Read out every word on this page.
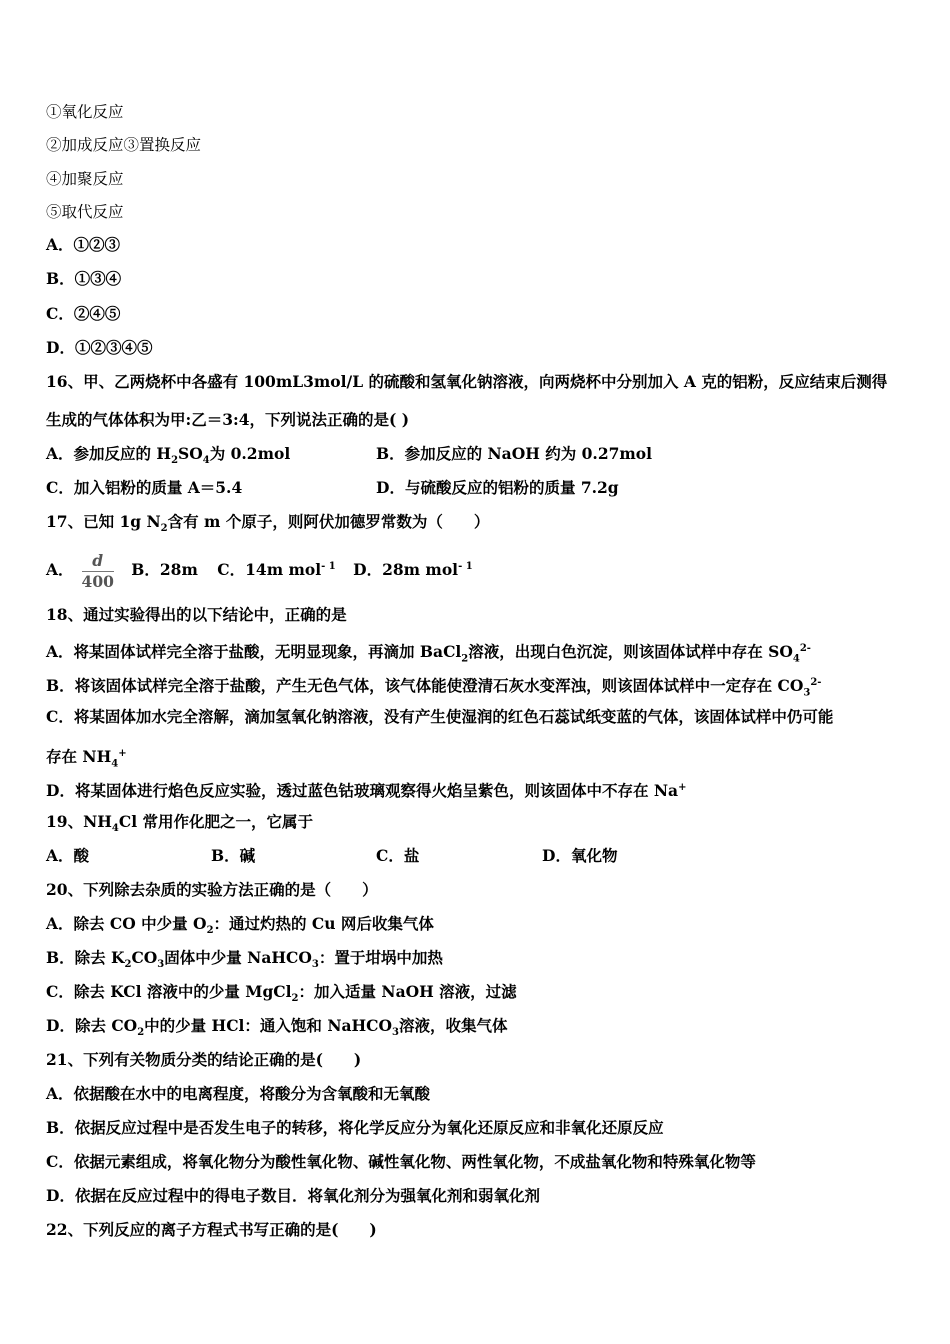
①氧化反应
②加成反应③置换反应
④加聚反应
⑤取代反应
A．①②③
B．①③④
C．②④⑤
D．①②③④⑤
16、甲、乙两烧杯中各盛有 100mL3mol/L 的硫酸和氢氧化钠溶液，向两烧杯中分别加入 A 克的铝粉，反应结束后测得
生成的气体体积为甲:乙＝3:4，下列说法正确的是( )
A．参加反应的 $H_2SO_4$为 0.2mol	B．参加反应的 NaOH 约为 0.27mol
C．加入铝粉的质量 A＝5.4	D．与硫酸反应的铝粉的质量 7.2g
17、已知 1g $N_2$含有 m 个原子，则阿伏加德罗常数为（　　）
A． $\frac{d}{400}$ B．28m C．14m mol$^{- 1}$ D．28m mol$^{- 1}$
18、通过实验得出的以下结论中，正确的是
A．将某固体试样完全溶于盐酸，无明显现象，再滴加 BaCl$_2$溶液，出现白色沉淀，则该固体试样中存在 $SO_4^{2-}$
B．将该固体试样完全溶于盐酸，产生无色气体，该气体能使澄清石灰水变浑浊，则该固体试样中一定存在 $CO_3^{2-}$
C．将某固体加水完全溶解，滴加氢氧化钠溶液，没有产生使湿润的红色石蕊试纸变蓝的气体，该固体试样中仍可能
存在 $NH_4^+$
D．将某固体进行焰色反应实验，透过蓝色钴玻璃观察得火焰呈紫色，则该固体中不存在 Na+
19、$NH_4Cl$ 常用作化肥之一，它属于
A．酸	B．碱	C．盐	D．氧化物
20、下列除去杂质的实验方法正确的是（　　）
A．除去 CO 中少量 $O_2$：通过灼热的 Cu 网后收集气体
B．除去 $K_2CO_3$固体中少量 NaHCO$_3$：置于坩埚中加热
C．除去 KCl 溶液中的少量 MgCl$_2$：加入适量 NaOH 溶液，过滤
D．除去 $CO_2$中的少量 HCl：通入饱和 NaHCO$_3$溶液，收集气体
21、下列有关物质分类的结论正确的是(　　)
A．依据酸在水中的电离程度，将酸分为含氧酸和无氧酸
B．依据反应过程中是否发生电子的转移，将化学反应分为氧化还原反应和非氧化还原反应
C．依据元素组成，将氧化物分为酸性氧化物、碱性氧化物、两性氧化物，不成盐氧化物和特殊氧化物等
D．依据在反应过程中的得电子数目．将氧化剂分为强氧化剂和弱氧化剂
22、下列反应的离子方程式书写正确的是(　　)
